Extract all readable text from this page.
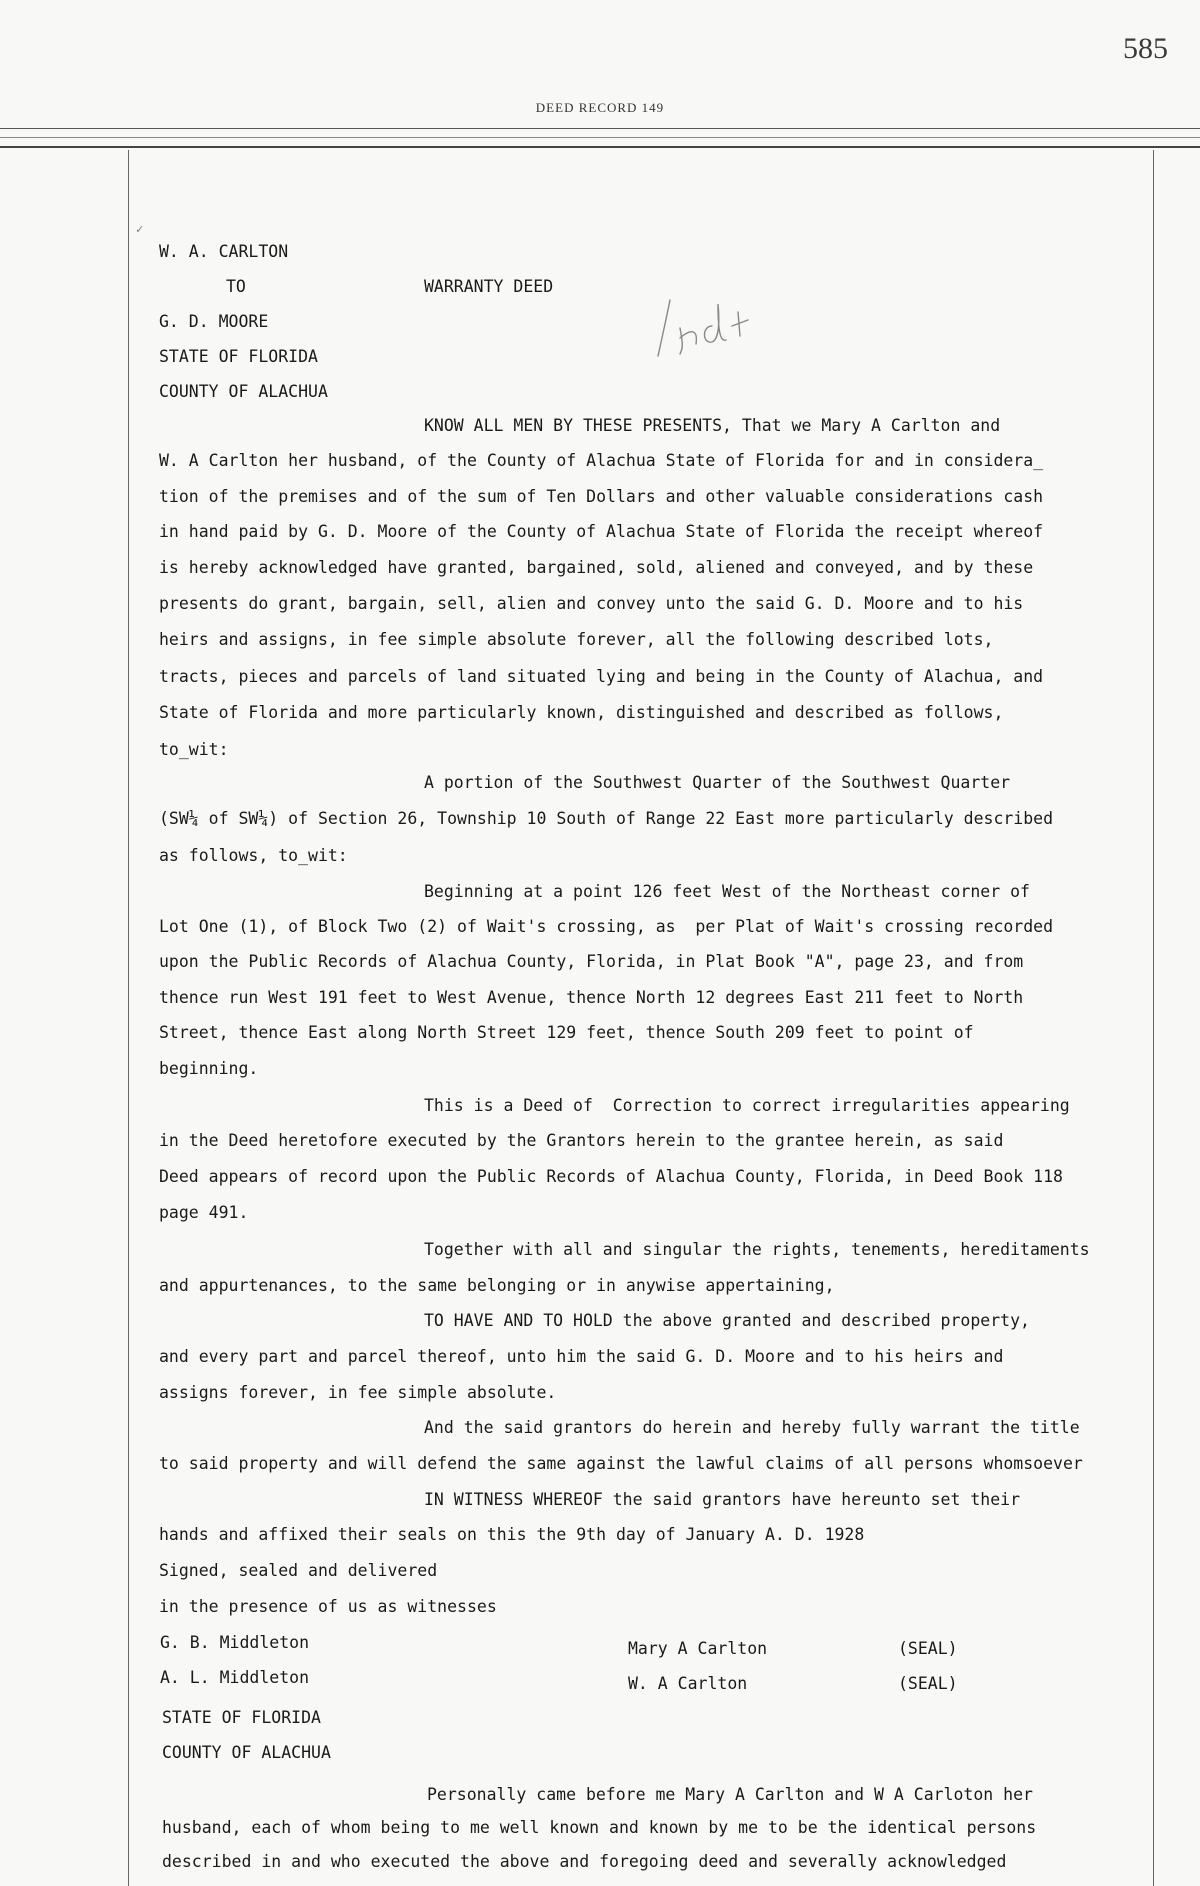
585
DEED RECORD 149
✓
W. A. CARLTON
TO	WARRANTY DEED
G. D. MOORE
STATE OF FLORIDA
COUNTY OF ALACHUA
KNOW ALL MEN BY THESE PRESENTS, That we Mary A Carlton and
W. A Carlton her husband, of the County of Alachua State of Florida for and in considera_
tion of the premises and of the sum of Ten Dollars and other valuable considerations cash
in hand paid by G. D. Moore of the County of Alachua State of Florida the receipt whereof
is hereby acknowledged have granted, bargained, sold, aliened and conveyed, and by these
presents do grant, bargain, sell, alien and convey unto the said G. D. Moore and to his
heirs and assigns, in fee simple absolute forever, all the following described lots,
tracts, pieces and parcels of land situated lying and being in the County of Alachua, and
State of Florida and more particularly known, distinguished and described as follows,
to_wit:
A portion of the Southwest Quarter of the Southwest Quarter
(SW¼ of SW¼) of Section 26, Township 10 South of Range 22 East more particularly described
as follows, to_wit:
Beginning at a point 126 feet West of the Northeast corner of
Lot One (1), of Block Two (2) of Wait's crossing, as  per Plat of Wait's crossing recorded
upon the Public Records of Alachua County, Florida, in Plat Book "A", page 23, and from
thence run West 191 feet to West Avenue, thence North 12 degrees East 211 feet to North
Street, thence East along North Street 129 feet, thence South 209 feet to point of
beginning.
This is a Deed of  Correction to correct irregularities appearing
in the Deed heretofore executed by the Grantors herein to the grantee herein, as said
Deed appears of record upon the Public Records of Alachua County, Florida, in Deed Book 118
page 491.
Together with all and singular the rights, tenements, hereditaments
and appurtenances, to the same belonging or in anywise appertaining,
TO HAVE AND TO HOLD the above granted and described property,
and every part and parcel thereof, unto him the said G. D. Moore and to his heirs and
assigns forever, in fee simple absolute.
And the said grantors do herein and hereby fully warrant the title
to said property and will defend the same against the lawful claims of all persons whomsoever
IN WITNESS WHEREOF the said grantors have hereunto set their
hands and affixed their seals on this the 9th day of January A. D. 1928
Signed, sealed and delivered
in the presence of us as witnesses
G. B. Middleton
A. L. Middleton
Mary A Carlton	(SEAL)
W. A Carlton	(SEAL)
STATE OF FLORIDA
COUNTY OF ALACHUA
Personally came before me Mary A Carlton and W A Carloton her
husband, each of whom being to me well known and known by me to be the identical persons
described in and who executed the above and foregoing deed and severally acknowledged
